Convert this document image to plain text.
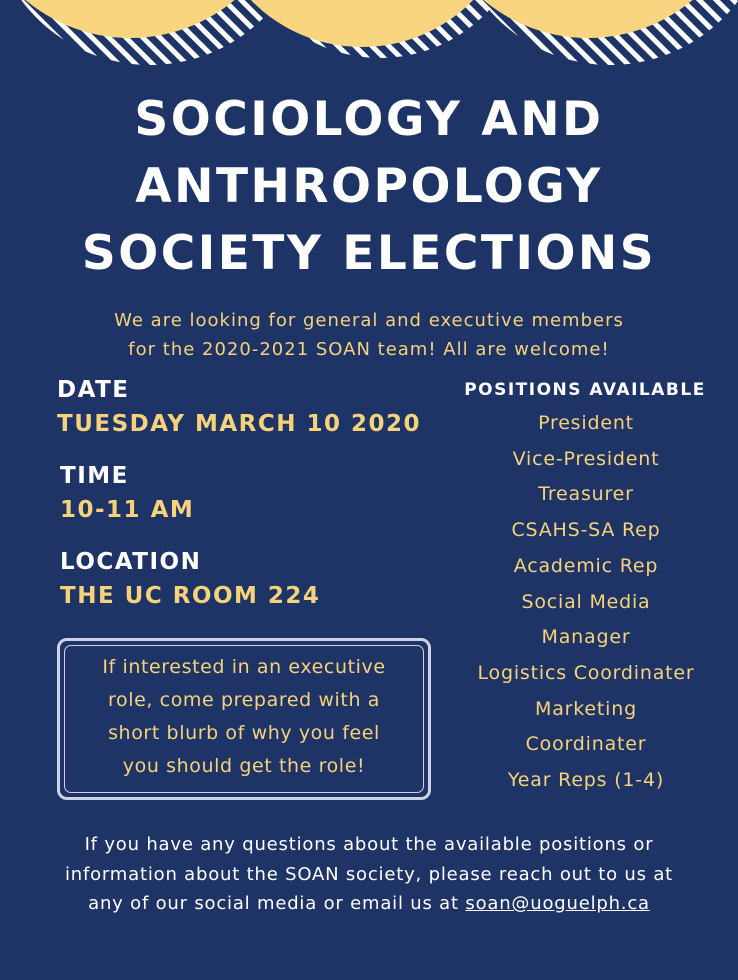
SOCIOLOGY AND
ANTHROPOLOGY
SOCIETY ELECTIONS
We are looking for general and executive members
for the 2020-2021 SOAN team! All are welcome!
DATE
TUESDAY MARCH 10 2020
TIME
10-11 AM
LOCATION
THE UC ROOM 224
If interested in an executive
role, come prepared with a
short blurb of why you feel
you should get the role!
POSITIONS AVAILABLE
President
Vice-President
Treasurer
CSAHS-SA Rep
Academic Rep
Social Media
Manager
Logistics Coordinater
Marketing
Coordinater
Year Reps (1-4)
If you have any questions about the available positions or
information about the SOAN society, please reach out to us at
any of our social media or email us at soan@uoguelph.ca
